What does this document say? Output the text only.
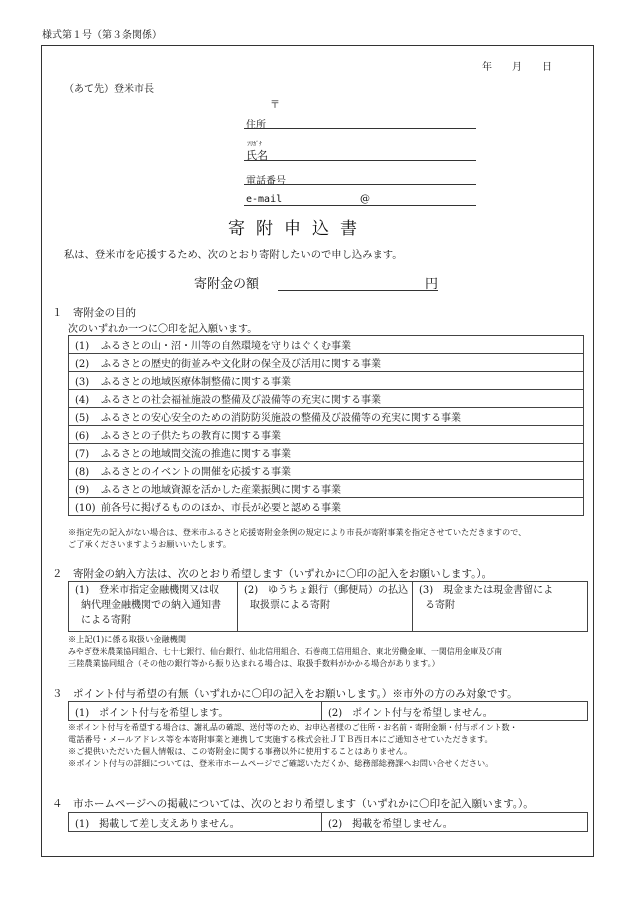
様式第１号（第３条関係）
年　　月　　日
（あて先）登米市長
〒
住所
ﾌﾘｶﾞﾅ
氏名
電話番号
e-mail	@
寄附申込書
私は、登米市を応援するため、次のとおり寄附したいので申し込みます。
寄附金の額	円
１　寄附金の目的
次のいずれか一つに〇印を記入願います。
(1) ふるさとの山・沼・川等の自然環境を守りはぐくむ事業
(2) ふるさとの歴史的街並みや文化財の保全及び活用に関する事業
(3) ふるさとの地域医療体制整備に関する事業
(4) ふるさとの社会福祉施設の整備及び設備等の充実に関する事業
(5) ふるさとの安心安全のための消防防災施設の整備及び設備等の充実に関する事業
(6) ふるさとの子供たちの教育に関する事業
(7) ふるさとの地域間交流の推進に関する事業
(8) ふるさとのイベントの開催を応援する事業
(9) ふるさとの地域資源を活かした産業振興に関する事業
(10) 前各号に掲げるもののほか、市長が必要と認める事業
※指定先の記入がない場合は、登米市ふるさと応援寄附金条例の規定により市長が寄附事業を指定させていただきますので、
ご了承くださいますようお願いいたします。
２　寄附金の納入方法は、次のとおり希望します（いずれかに〇印の記入をお願いします。）。
(1)　登米市指定金融機関又は収
納代理金融機関での納入通知書
による寄附

(2)　ゆうちょ銀行（郵便局）の払込
取扱票による寄附

(3)　現金または現金書留によ
る寄附
※上記(1)に係る取扱い金融機関
みやぎ登米農業協同組合、七十七銀行、仙台銀行、仙北信用組合、石巻商工信用組合、東北労働金庫、一関信用金庫及び南
三陸農業協同組合（その他の銀行等から振り込まれる場合は、取扱手数料がかかる場合があります。）
３　ポイント付与希望の有無（いずれかに〇印の記入をお願いします。）※市外の方のみ対象です。
(1)　ポイント付与を希望します。	(2)　ポイント付与を希望しません。
※ポイント付与を希望する場合は、謝礼品の確認、送付等のため、お申込者様のご住所・お名前・寄附金額・付与ポイント数・
電話番号・メールアドレス等を本寄附事業と連携して実施する株式会社ＪＴＢ西日本にご通知させていただきます。
※ご提供いただいた個人情報は、この寄附金に関する事務以外に使用することはありません。
※ポイント付与の詳細については、登米市ホームページでご確認いただくか、総務部総務課へお問い合せください。
４　市ホームページへの掲載については、次のとおり希望します（いずれかに〇印を記入願います。）。
(1)　掲載して差し支えありません。	(2)　掲載を希望しません。
